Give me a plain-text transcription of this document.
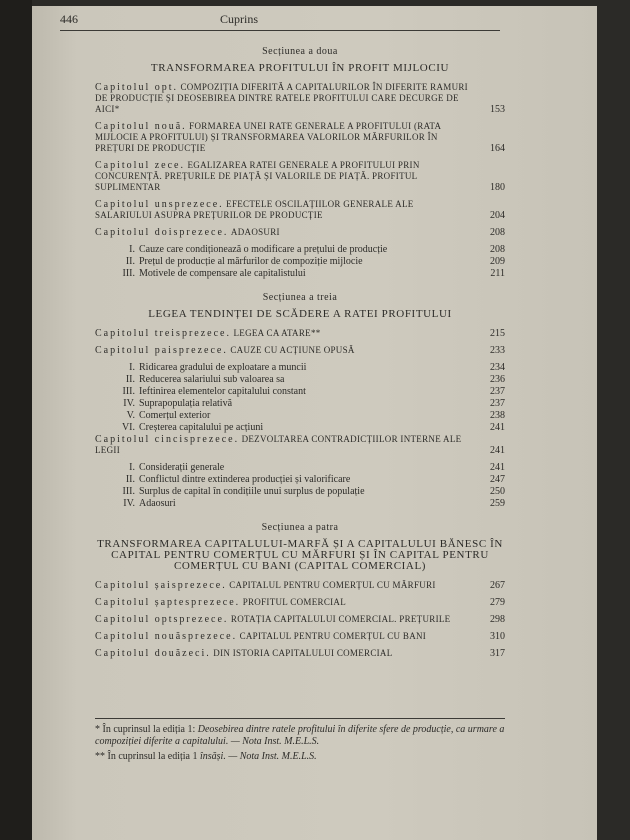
446	Cuprins
Secțiunea a doua
TRANSFORMAREA PROFITULUI ÎN PROFIT MIJLOCIU
Capitolul opt. COMPOZIȚIA DIFERITĂ A CAPITALURILOR ÎN DIFERITE RAMURI DE PRODUCȚIE ȘI DEOSEBIREA DINTRE RATELE PROFITULUI CARE DECURGE DE AICI*	153
Capitolul nouă. FORMAREA UNEI RATE GENERALE A PROFITULUI (RATA MIJLOCIE A PROFITULUI) ȘI TRANSFORMAREA VALORILOR MĂRFURILOR ÎN PREȚURI DE PRODUCȚIE	164
Capitolul zece. EGALIZAREA RATEI GENERALE A PROFITULUI PRIN CONCURENȚĂ. PREȚURILE DE PIAȚĂ ȘI VALORILE DE PIAȚĂ. PROFITUL SUPLIMENTAR	180
Capitolul unsprezece. EFECTELE OSCILAȚIILOR GENERALE ALE SALARIULUI ASUPRA PREȚURILOR DE PRODUCȚIE	204
Capitolul doisprezece. ADAOSURI	208
I. Cauze care condiționează o modificare a prețului de producție	208
II. Prețul de producție al mărfurilor de compoziție mijlocie	209
III. Motivele de compensare ale capitalistului	211
Secțiunea a treia
LEGEA TENDINȚEI DE SCĂDERE A RATEI PROFITULUI
Capitolul treisprezece. LEGEA CA ATARE**	215
Capitolul paisprezece. CAUZE CU ACȚIUNE OPUSĂ	233
I. Ridicarea gradului de exploatare a muncii	234
II. Reducerea salariului sub valoarea sa	236
III. Ieftinirea elementelor capitalului constant	237
IV. Suprapopulația relativă	237
V. Comerțul exterior	238
VI. Creșterea capitalului pe acțiuni	241
Capitolul cincisprezece. DEZVOLTAREA CONTRADICȚIILOR INTERNE ALE LEGII	241
I. Considerații generale	241
II. Conflictul dintre extinderea producției și valorificare	247
III. Surplus de capital în condițiile unui surplus de populație	250
IV. Adaosuri	259
Secțiunea a patra
TRANSFORMAREA CAPITALULUI-MARFĂ ȘI A CAPITALULUI BĂNESC ÎN CAPITAL PENTRU COMERȚUL CU MĂRFURI ȘI ÎN CAPITAL PENTRU COMERȚUL CU BANI (CAPITAL COMERCIAL)
Capitolul șaisprezece. CAPITALUL PENTRU COMERȚUL CU MĂRFURI	267
Capitolul șaptesprezece. PROFITUL COMERCIAL	279
Capitolul optsprezece. ROTAȚIA CAPITALULUI COMERCIAL. PREȚURILE	298
Capitolul nouăsprezece. CAPITALUL PENTRU COMERȚUL CU BANI	310
Capitolul douăzeci. DIN ISTORIA CAPITALULUI COMERCIAL	317
* În cuprinsul la ediția 1: Deosebirea dintre ratele profitului în diferite sfere de producție, ca urmare a compoziției diferite a capitalului. — Nota Inst. M.E.L.S.
** În cuprinsul la ediția 1 însăși. — Nota Inst. M.E.L.S.
